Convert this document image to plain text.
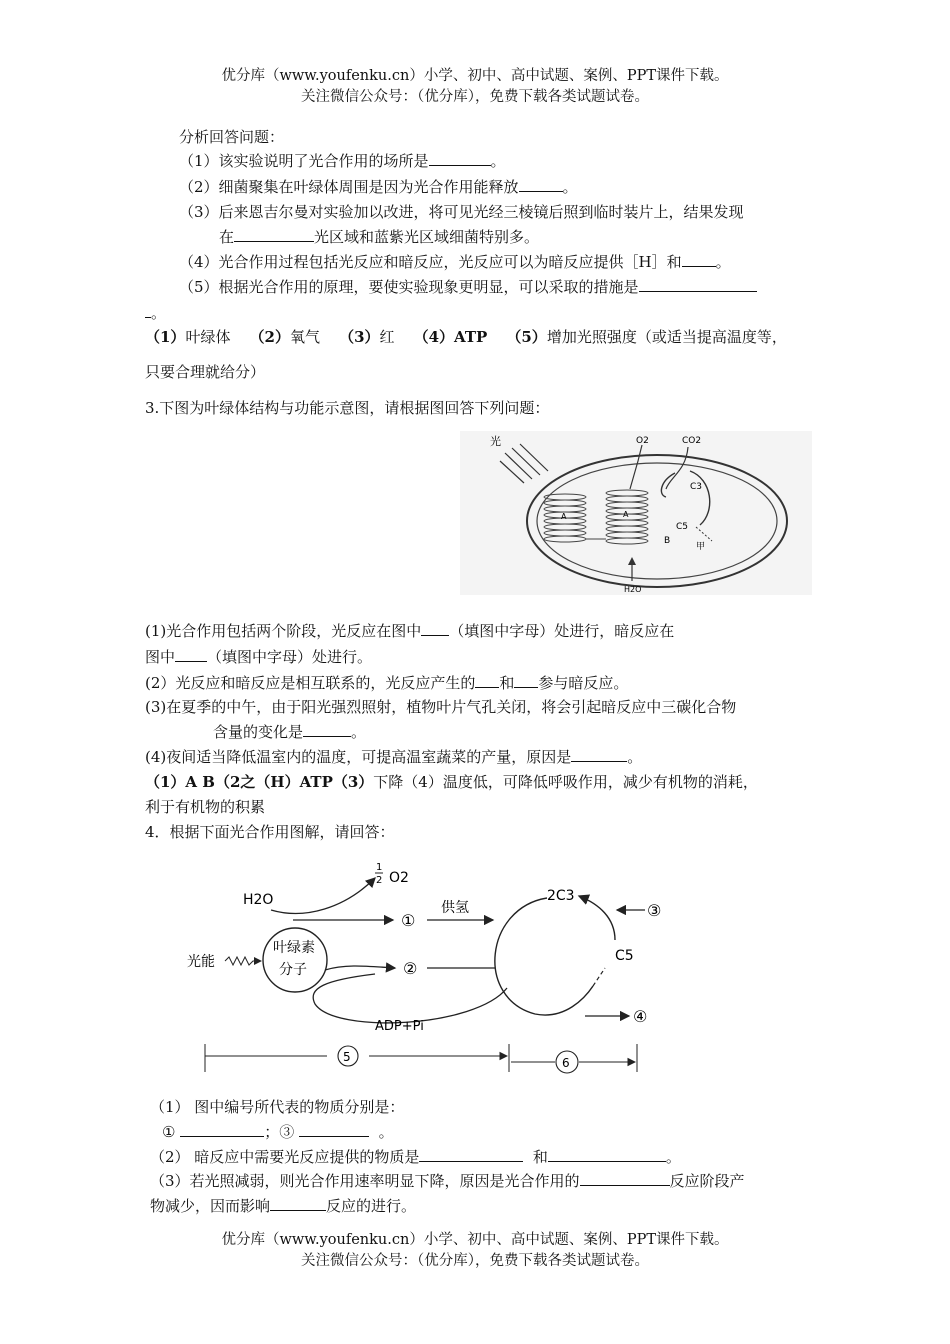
优分库（www.youfenku.cn）小学、初中、高中试题、案例、PPT课件下载。
关注微信公众号：（优分库），免费下载各类试题试卷。
分析回答问题：
（1）该实验说明了光合作用的场所是	。
（2）细菌聚集在叶绿体周围是因为光合作用能释放	。
（3）后来恩吉尔曼对实验加以改进，将可见光经三棱镜后照到临时装片上，结果发现
在	光区域和蓝紫光区域细菌特别多。
（4）光合作用过程包括光反应和暗反应，光反应可以为暗反应提供［H］和 。
（5）根据光合作用的原理，要使实验现象更明显，可以采取的措施是
。
（1）叶绿体 （2）氧气 （3）红 （4）ATP （5）增加光照强度（或适当提高温度等，
只要合理就给分）
3.下图为叶绿体结构与功能示意图，请根据图回答下列问题：
光
A	A
O2	CO2
C3
C5
B
甲
H2O
(1)光合作用包括两个阶段，光反应在图中 （填图中字母）处进行，暗反应在
图中 （填图中字母）处进行。
(2）光反应和暗反应是相互联系的，光反应产生的 和 参与暗反应。
(3)在夏季的中午，由于阳光强烈照射，植物叶片气孔关闭，将会引起暗反应中三碳化合物
含量的变化是	。
(4)夜间适当降低温室内的温度，可提高温室蔬菜的产量，原因是	。
（1）A B（2之（H）ATP（3）下降（4）温度低，可降低呼吸作用，减少有机物的消耗，
利于有机物的积累
4．根据下面光合作用图解，请回答：
H2O
1
2 O2
①
供氢
光能
叶绿素
分子	②
ADP+Pi
2C3
③
C5
④
5	6
（1） 图中编号所代表的物质分别是：
①	；③	。
（2） 暗反应中需要光反应提供的物质是	和	。
（3）若光照减弱，则光合作用速率明显下降，原因是光合作用的	反应阶段产
物减少，因而影响	反应的进行。
优分库（www.youfenku.cn）小学、初中、高中试题、案例、PPT课件下载。
关注微信公众号：（优分库），免费下载各类试题试卷。
